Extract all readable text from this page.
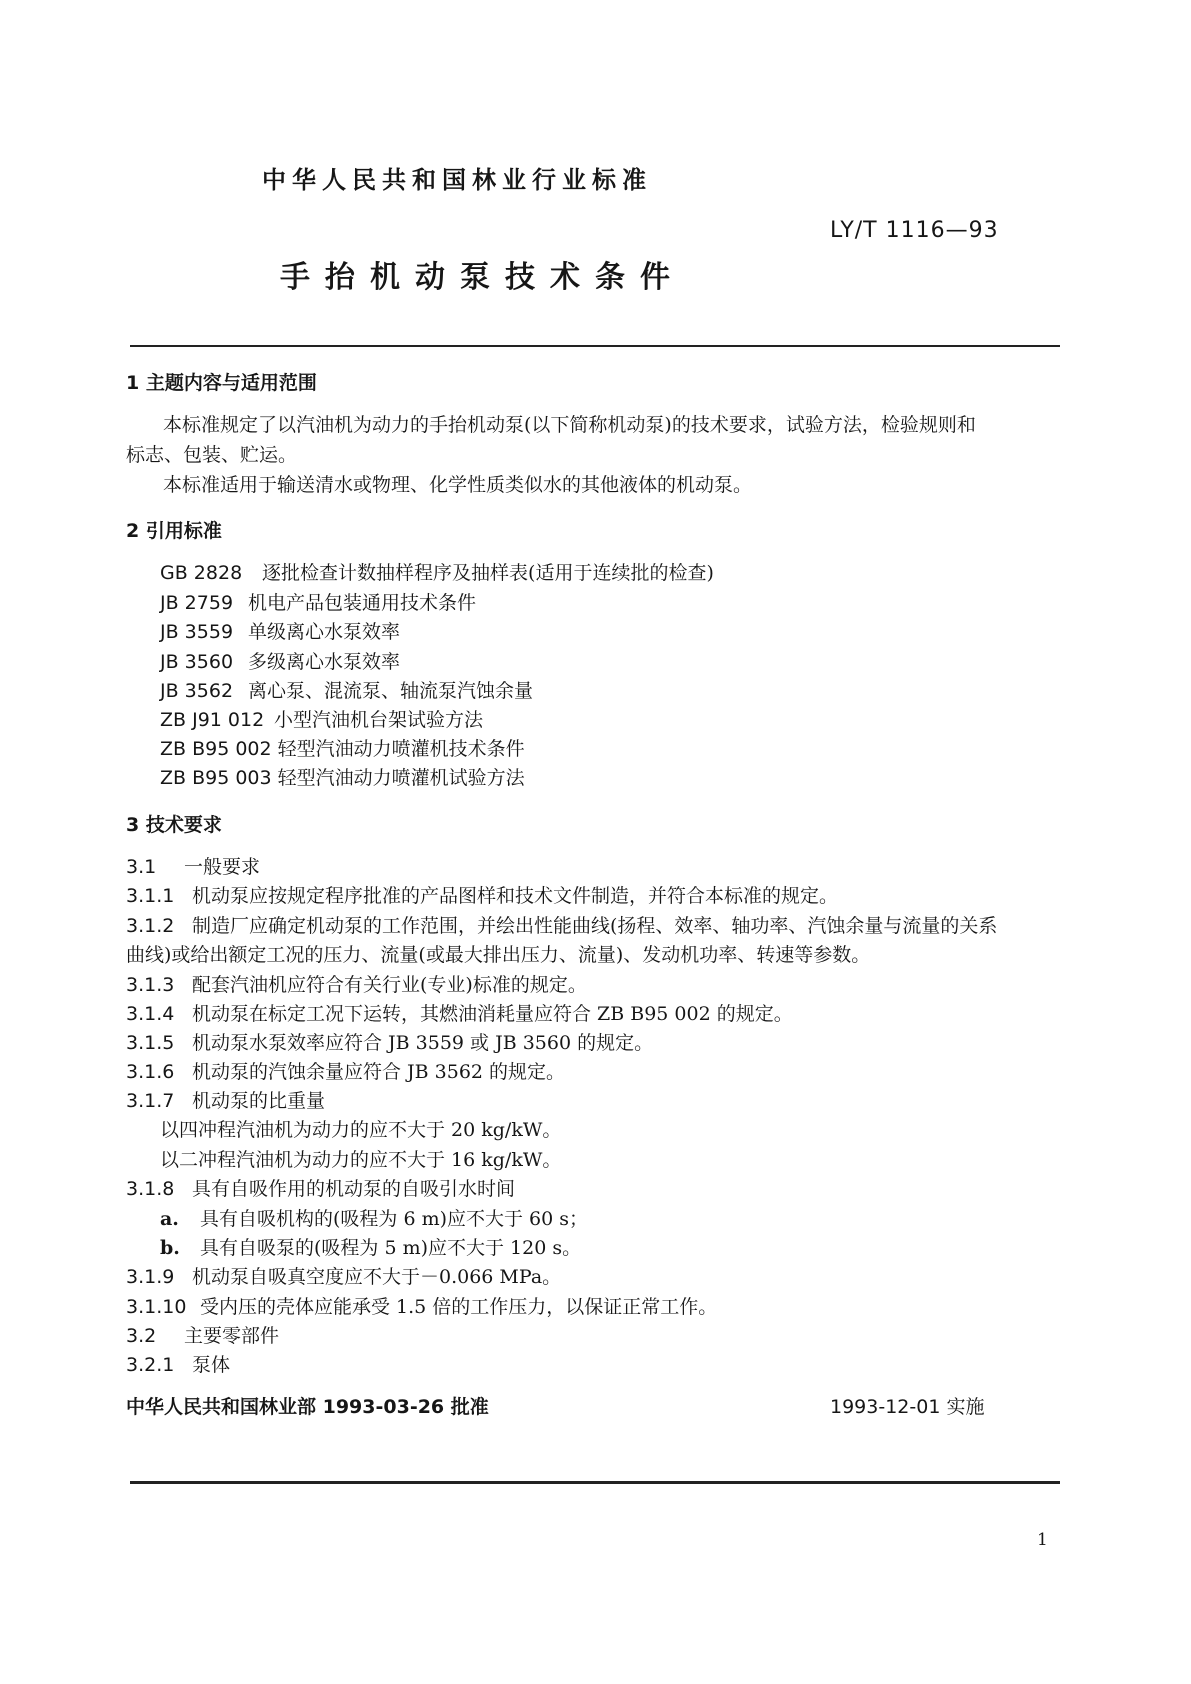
中华人民共和国林业行业标准
LY/T 1116—93
手抬机动泵技术条件
1 主题内容与适用范围
本标准规定了以汽油机为动力的手抬机动泵(以下简称机动泵)的技术要求，试验方法，检验规则和
标志、包装、贮运。
本标准适用于输送清水或物理、化学性质类似水的其他液体的机动泵。
2 引用标准
GB 2828 逐批检查计数抽样程序及抽样表(适用于连续批的检查)
JB 2759 机电产品包装通用技术条件
JB 3559 单级离心水泵效率
JB 3560 多级离心水泵效率
JB 3562 离心泵、混流泵、轴流泵汽蚀余量
ZB J91 012 小型汽油机台架试验方法
ZB B95 002 轻型汽油动力喷灌机技术条件
ZB B95 003 轻型汽油动力喷灌机试验方法
3 技术要求
3.1 一般要求
3.1.1 机动泵应按规定程序批准的产品图样和技术文件制造，并符合本标准的规定。
3.1.2 制造厂应确定机动泵的工作范围，并绘出性能曲线(扬程、效率、轴功率、汽蚀余量与流量的关系
曲线)或给出额定工况的压力、流量(或最大排出压力、流量)、发动机功率、转速等参数。
3.1.3 配套汽油机应符合有关行业(专业)标准的规定。
3.1.4 机动泵在标定工况下运转，其燃油消耗量应符合 ZB B95 002 的规定。
3.1.5 机动泵水泵效率应符合 JB 3559 或 JB 3560 的规定。
3.1.6 机动泵的汽蚀余量应符合 JB 3562 的规定。
3.1.7 机动泵的比重量
以四冲程汽油机为动力的应不大于 20 kg/kW。
以二冲程汽油机为动力的应不大于 16 kg/kW。
3.1.8 具有自吸作用的机动泵的自吸引水时间
a. 具有自吸机构的(吸程为 6 m)应不大于 60 s；
b. 具有自吸泵的(吸程为 5 m)应不大于 120 s。
3.1.9 机动泵自吸真空度应不大于－0.066 MPa。
3.1.10 受内压的壳体应能承受 1.5 倍的工作压力，以保证正常工作。
3.2 主要零部件
3.2.1 泵体
中华人民共和国林业部 1993-03-26 批准	1993-12-01 实施
1
